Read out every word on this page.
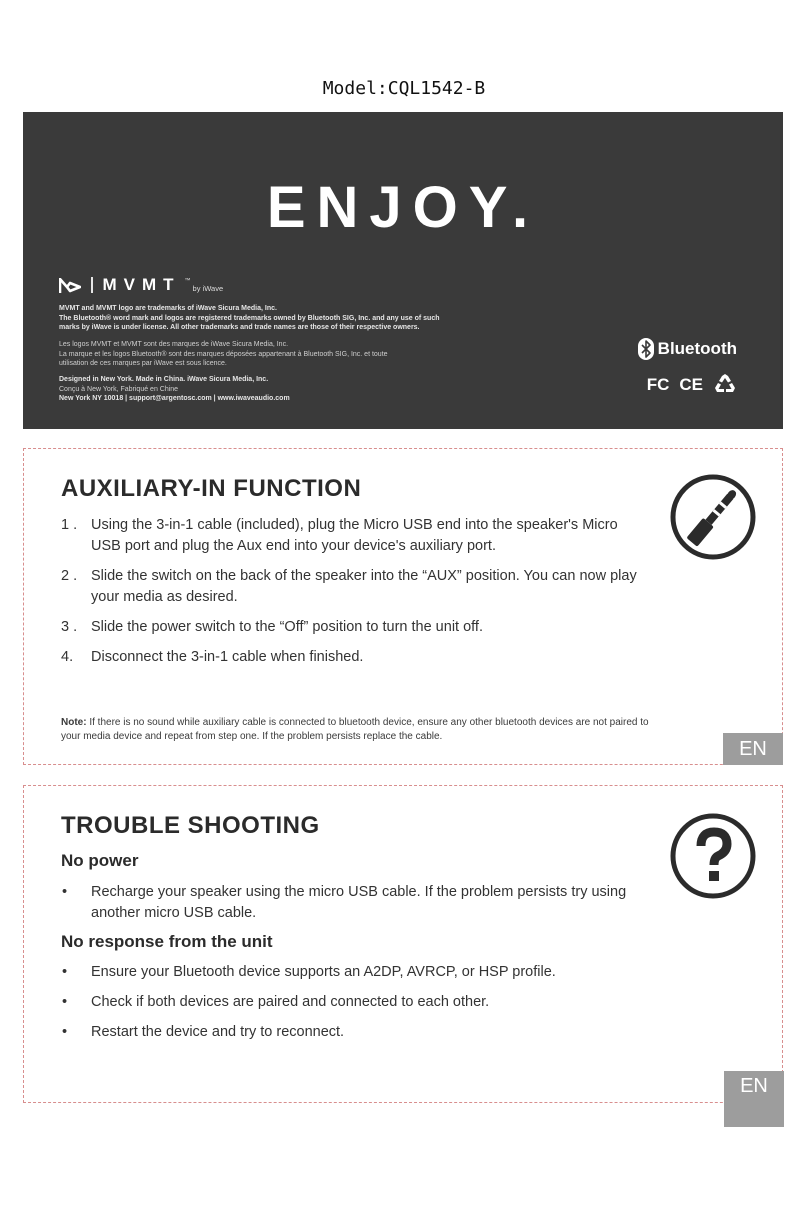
Model:CQL1542-B
ENJOY.
MVMT ™
by iWave

MVMT and MVMT logo are trademarks of iWave Sicura Media, Inc.

The Bluetooth® word mark and logos are registered trademarks owned by Bluetooth SIG, Inc. and any use of such

marks by iWave is under license. All other trademarks and trade names are those of their respective owners.

Les logos MVMT et MVMT sont des marques de iWave Sicura Media, Inc.

La marque et les logos Bluetooth® sont des marques déposées appartenant à Bluetooth SIG, Inc. et toute

utilisation de ces marques par iWave est sous licence.

Designed in New York. Made in China. iWave Sicura Media, Inc.

Conçu à New York, Fabriqué en Chine

New York NY 10018 | support@argentosc.com | www.iwaveaudio.com

Bluetooth
FC CE
AUXILIARY-IN FUNCTION
1 . Using the 3-in-1 cable (included), plug the Micro USB end into the speaker's Micro USB port and plug the Aux end into your device's auxiliary port.
2 . Slide the switch on the back of the speaker into the “AUX” position. You can now play your media as desired.
3 . Slide the power switch to the “Off” position to turn the unit off.
4. Disconnect the 3-in-1 cable when finished.
Note: If there is no sound while auxiliary cable is connected to bluetooth device, ensure any other bluetooth devices are not paired to your media device and repeat from step one. If the problem persists replace the cable.
EN
TROUBLE SHOOTING
No power
• Recharge your speaker using the micro USB cable. If the problem persists try using another micro USB cable.
No response from the unit
• Ensure your Bluetooth device supports an A2DP, AVRCP, or HSP profile.
• Check if both devices are paired and connected to each other.
• Restart the device and try to reconnect.
EN
